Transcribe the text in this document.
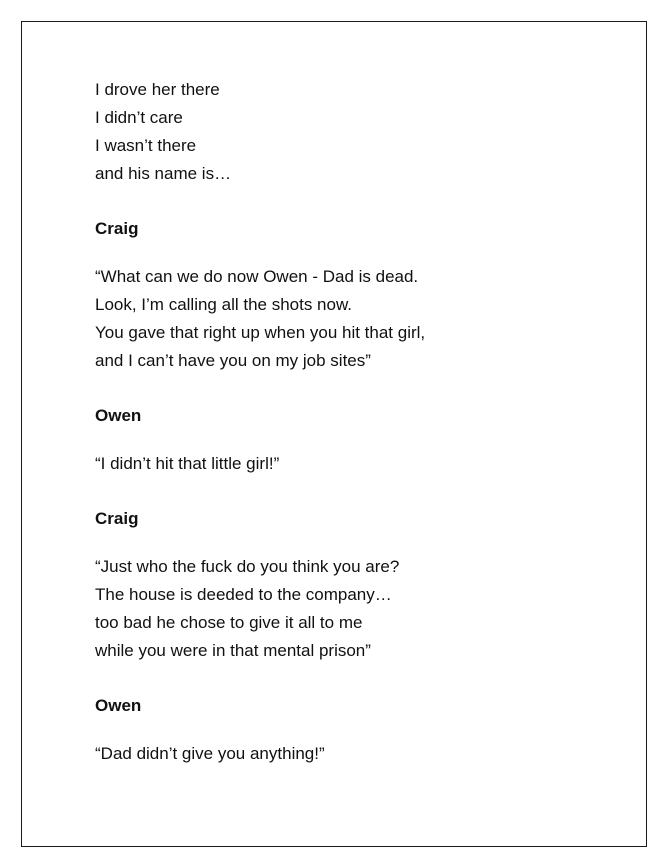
I drove her there
I didn’t care
I wasn’t there
and his name is…
Craig
“What can we do now Owen - Dad is dead.
Look, I’m calling all the shots now.
You gave that right up when you hit that girl,
and I can’t have you on my job sites”
Owen
“I didn’t hit that little girl!”
Craig
“Just who the fuck do you think you are?
The house is deeded to the company…
too bad he chose to give it all to me
while you were in that mental prison”
Owen
“Dad didn’t give you anything!”
